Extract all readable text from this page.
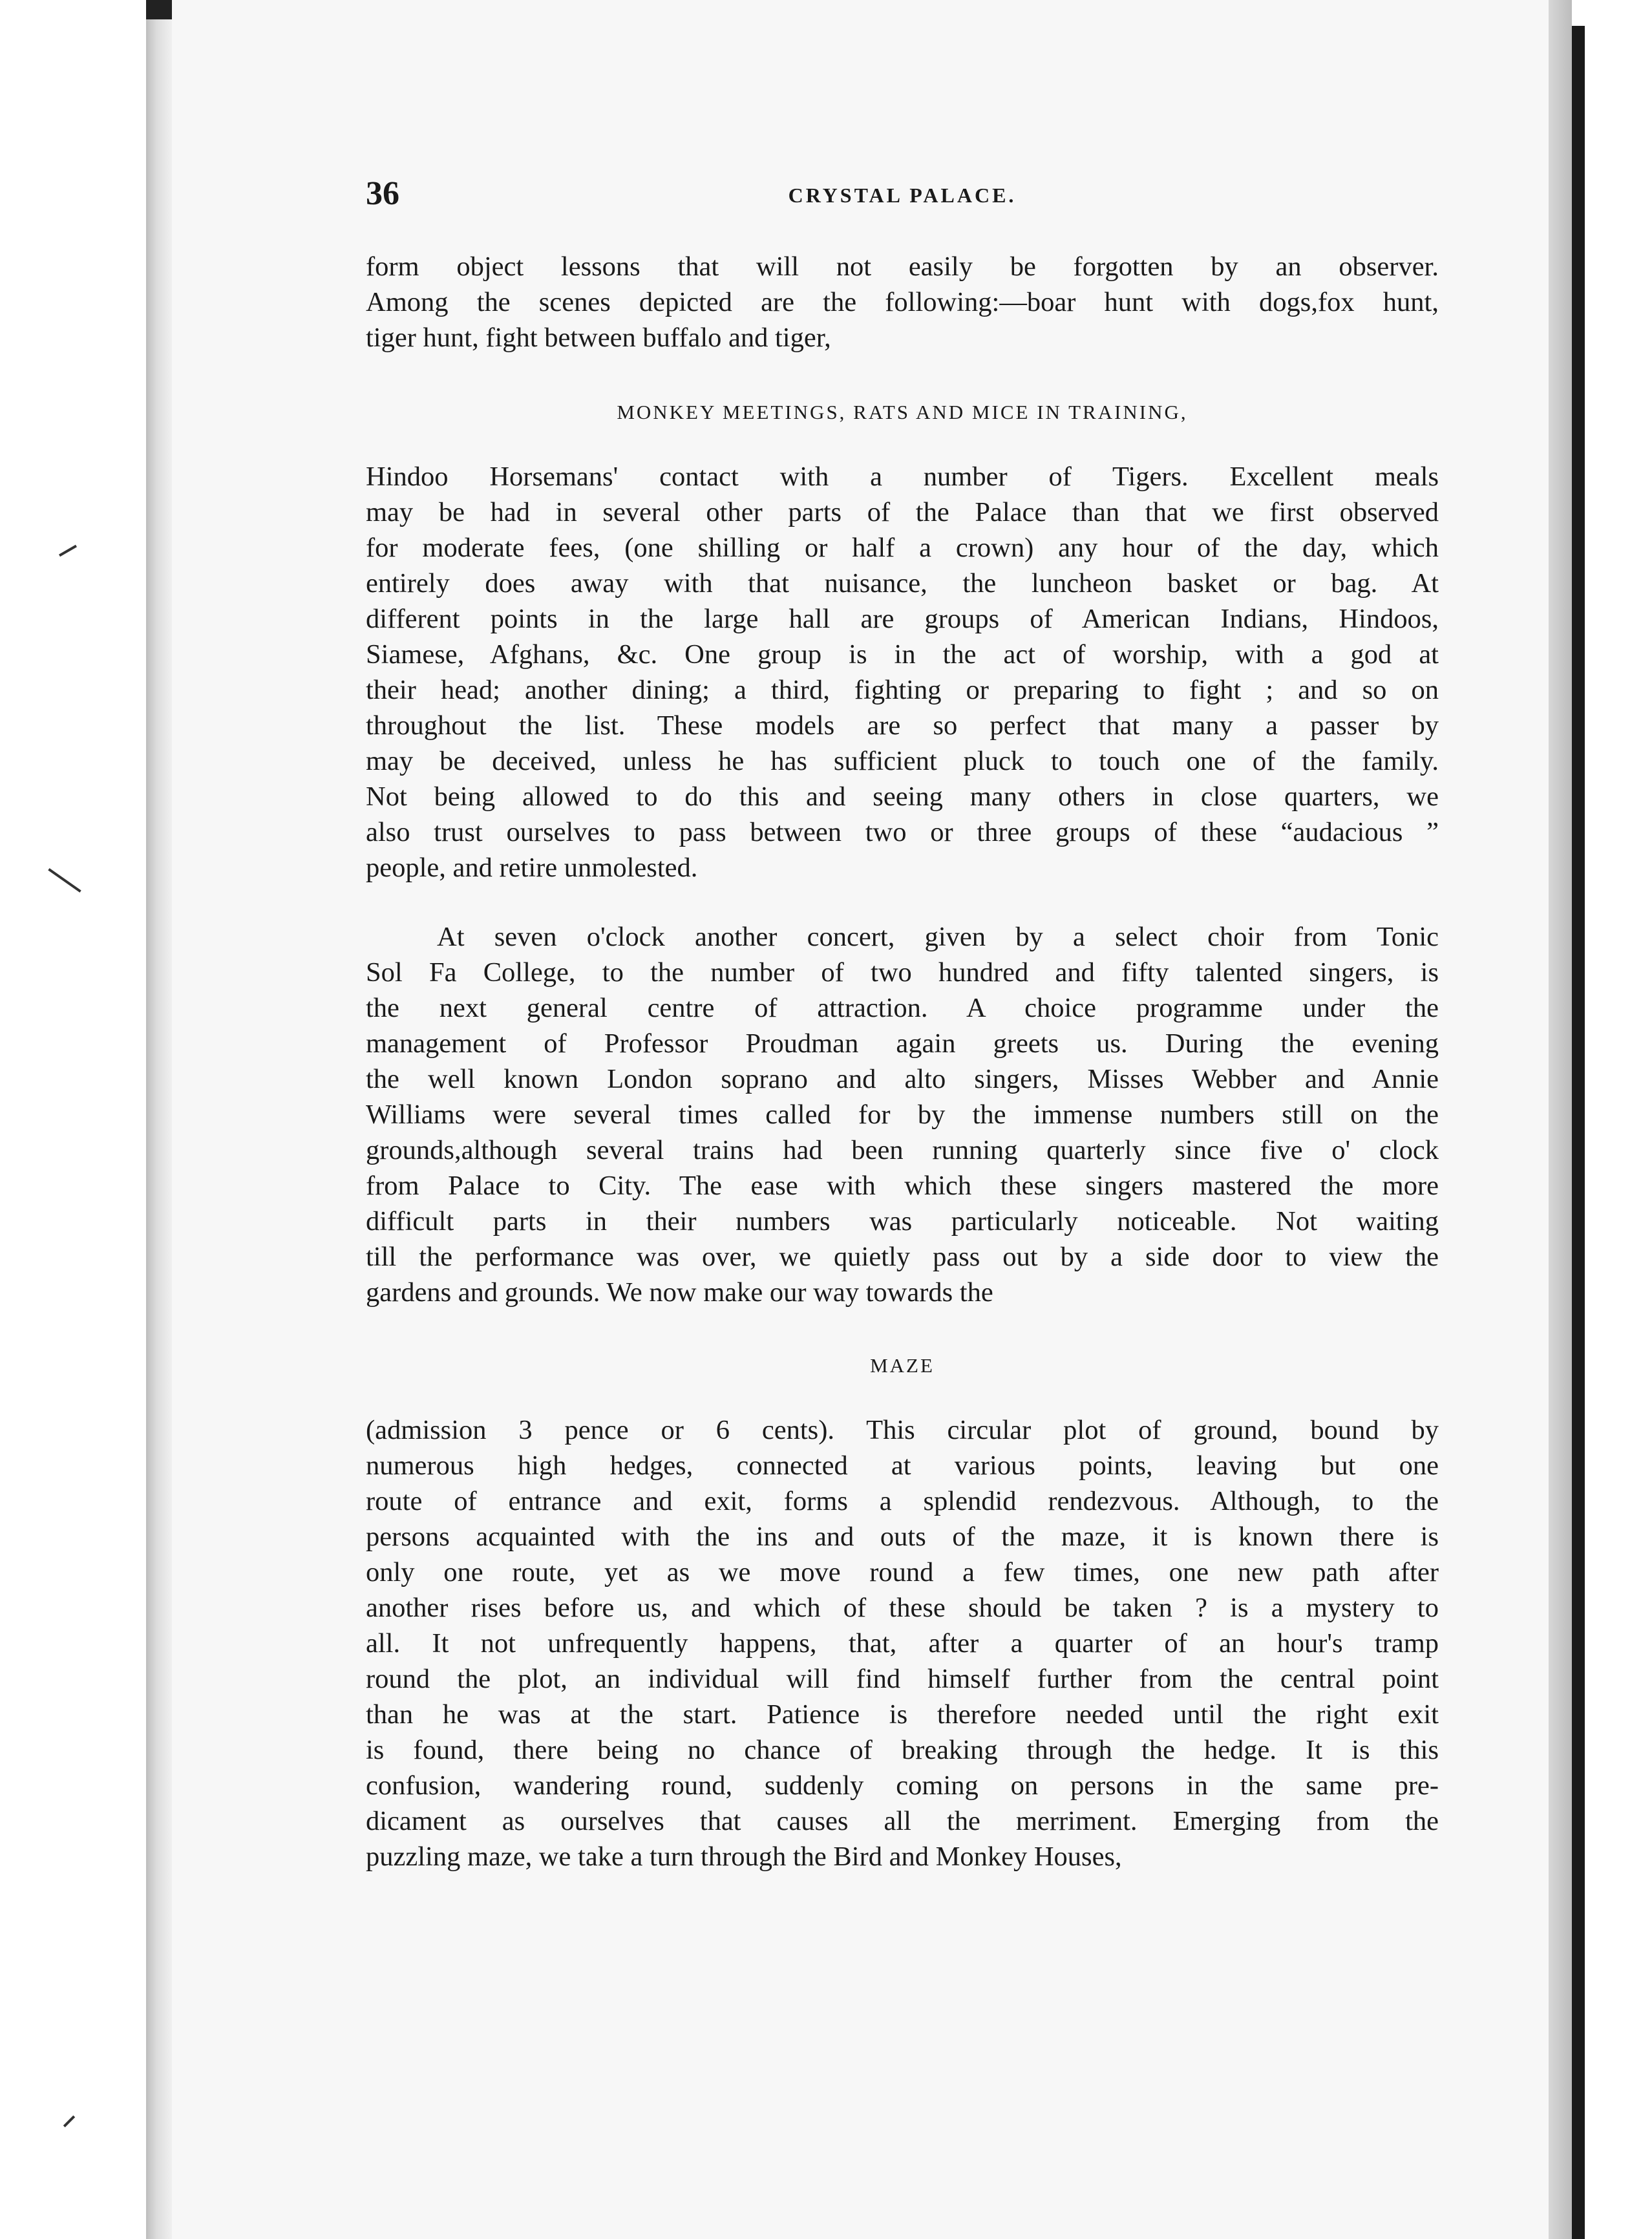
36	CRYSTAL PALACE.
form object lessons that will not easily be forgotten by an observer.
Among the scenes depicted are the following:—boar hunt with dogs,fox hunt,
tiger hunt, fight between buffalo and tiger,
MONKEY MEETINGS, RATS AND MICE IN TRAINING,
Hindoo Horsemans' contact with a number of Tigers. Excellent meals
may be had in several other parts of the Palace than that we first observed
for moderate fees, (one shilling or half a crown) any hour of the day, which
entirely does away with that nuisance, the luncheon basket or bag. At
different points in the large hall are groups of American Indians, Hindoos,
Siamese, Afghans, &c. One group is in the act of worship, with a god at
their head; another dining; a third, fighting or preparing to fight ; and so on
throughout the list. These models are so perfect that many a passer by
may be deceived, unless he has sufficient pluck to touch one of the family.
Not being allowed to do this and seeing many others in close quarters, we
also trust ourselves to pass between two or three groups of these “audacious ”
people, and retire unmolested.
At seven o'clock another concert, given by a select choir from Tonic
Sol Fa College, to the number of two hundred and fifty talented singers, is
the next general centre of attraction. A choice programme under the
management of Professor Proudman again greets us. During the evening
the well known London soprano and alto singers, Misses Webber and Annie
Williams were several times called for by the immense numbers still on the
grounds,although several trains had been running quarterly since five o' clock
from Palace to City. The ease with which these singers mastered the more
difficult parts in their numbers was particularly noticeable. Not waiting
till the performance was over, we quietly pass out by a side door to view the
gardens and grounds. We now make our way towards the
MAZE
(admission 3 pence or 6 cents). This circular plot of ground, bound by
numerous high hedges, connected at various points, leaving but one
route of entrance and exit, forms a splendid rendezvous. Although, to the
persons acquainted with the ins and outs of the maze, it is known there is
only one route, yet as we move round a few times, one new path after
another rises before us, and which of these should be taken ? is a mystery to
all. It not unfrequently happens, that, after a quarter of an hour's tramp
round the plot, an individual will find himself further from the central point
than he was at the start. Patience is therefore needed until the right exit
is found, there being no chance of breaking through the hedge. It is this
confusion, wandering round, suddenly coming on persons in the same pre-
dicament as ourselves that causes all the merriment. Emerging from the
puzzling maze, we take a turn through the Bird and Monkey Houses,
